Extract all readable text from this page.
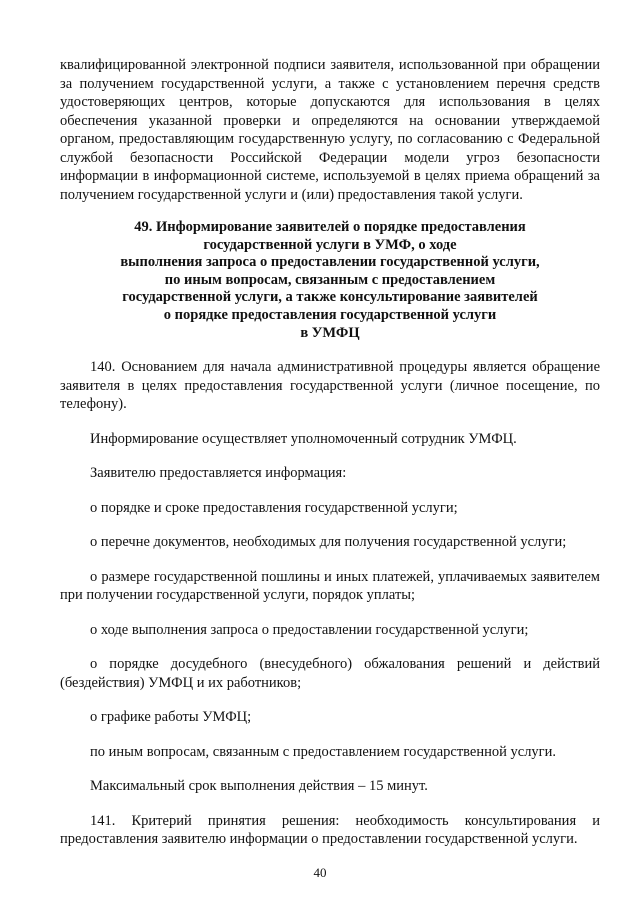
квалифицированной электронной подписи заявителя, использованной при обращении за получением государственной услуги, а также с установлением перечня средств удостоверяющих центров, которые допускаются для использования в целях обеспечения указанной проверки и определяются на основании утверждаемой органом, предоставляющим государственную услугу, по согласованию с Федеральной службой безопасности Российской Федерации модели угроз безопасности информации в информационной системе, используемой в целях приема обращений за получением государственной услуги и (или) предоставления такой услуги.

49. Информирование заявителей о порядке предоставления
государственной услуги в УМФ, о ходе
выполнения запроса о предоставлении государственной услуги,
по иным вопросам, связанным с предоставлением
государственной услуги, а также консультирование заявителей
о порядке предоставления государственной услуги
в УМФЦ

140. Основанием для начала административной процедуры является обращение заявителя в целях предоставления государственной услуги (личное посещение, по телефону).

Информирование осуществляет уполномоченный сотрудник УМФЦ.

Заявителю предоставляется информация:

о порядке и сроке предоставления государственной услуги;

о перечне документов, необходимых для получения государственной услуги;

о размере государственной пошлины и иных платежей, уплачиваемых заявителем при получении государственной услуги, порядок уплаты;

о ходе выполнения запроса о предоставлении государственной услуги;

о порядке досудебного (внесудебного) обжалования решений и действий (бездействия) УМФЦ и их работников;

о графике работы УМФЦ;

по иным вопросам, связанным с предоставлением государственной услуги.

Максимальный срок выполнения действия – 15 минут.

141. Критерий принятия решения: необходимость консультирования и предоставления заявителю информации о предоставлении государственной услуги.

40
